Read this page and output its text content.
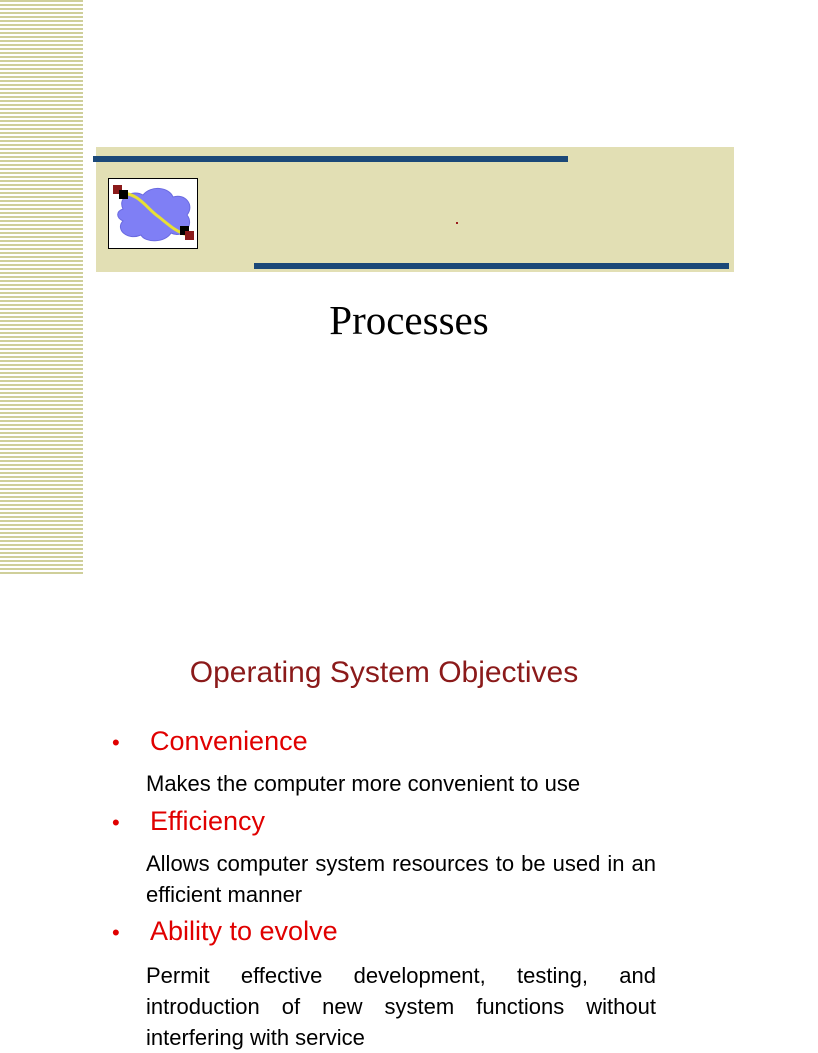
Processes
Operating System Objectives
• Convenience
Makes the computer more convenient to use
• Efficiency
Allows computer system resources to be used in an efficient manner
• Ability to evolve
Permit effective development, testing, and introduction of new system functions without interfering with service
